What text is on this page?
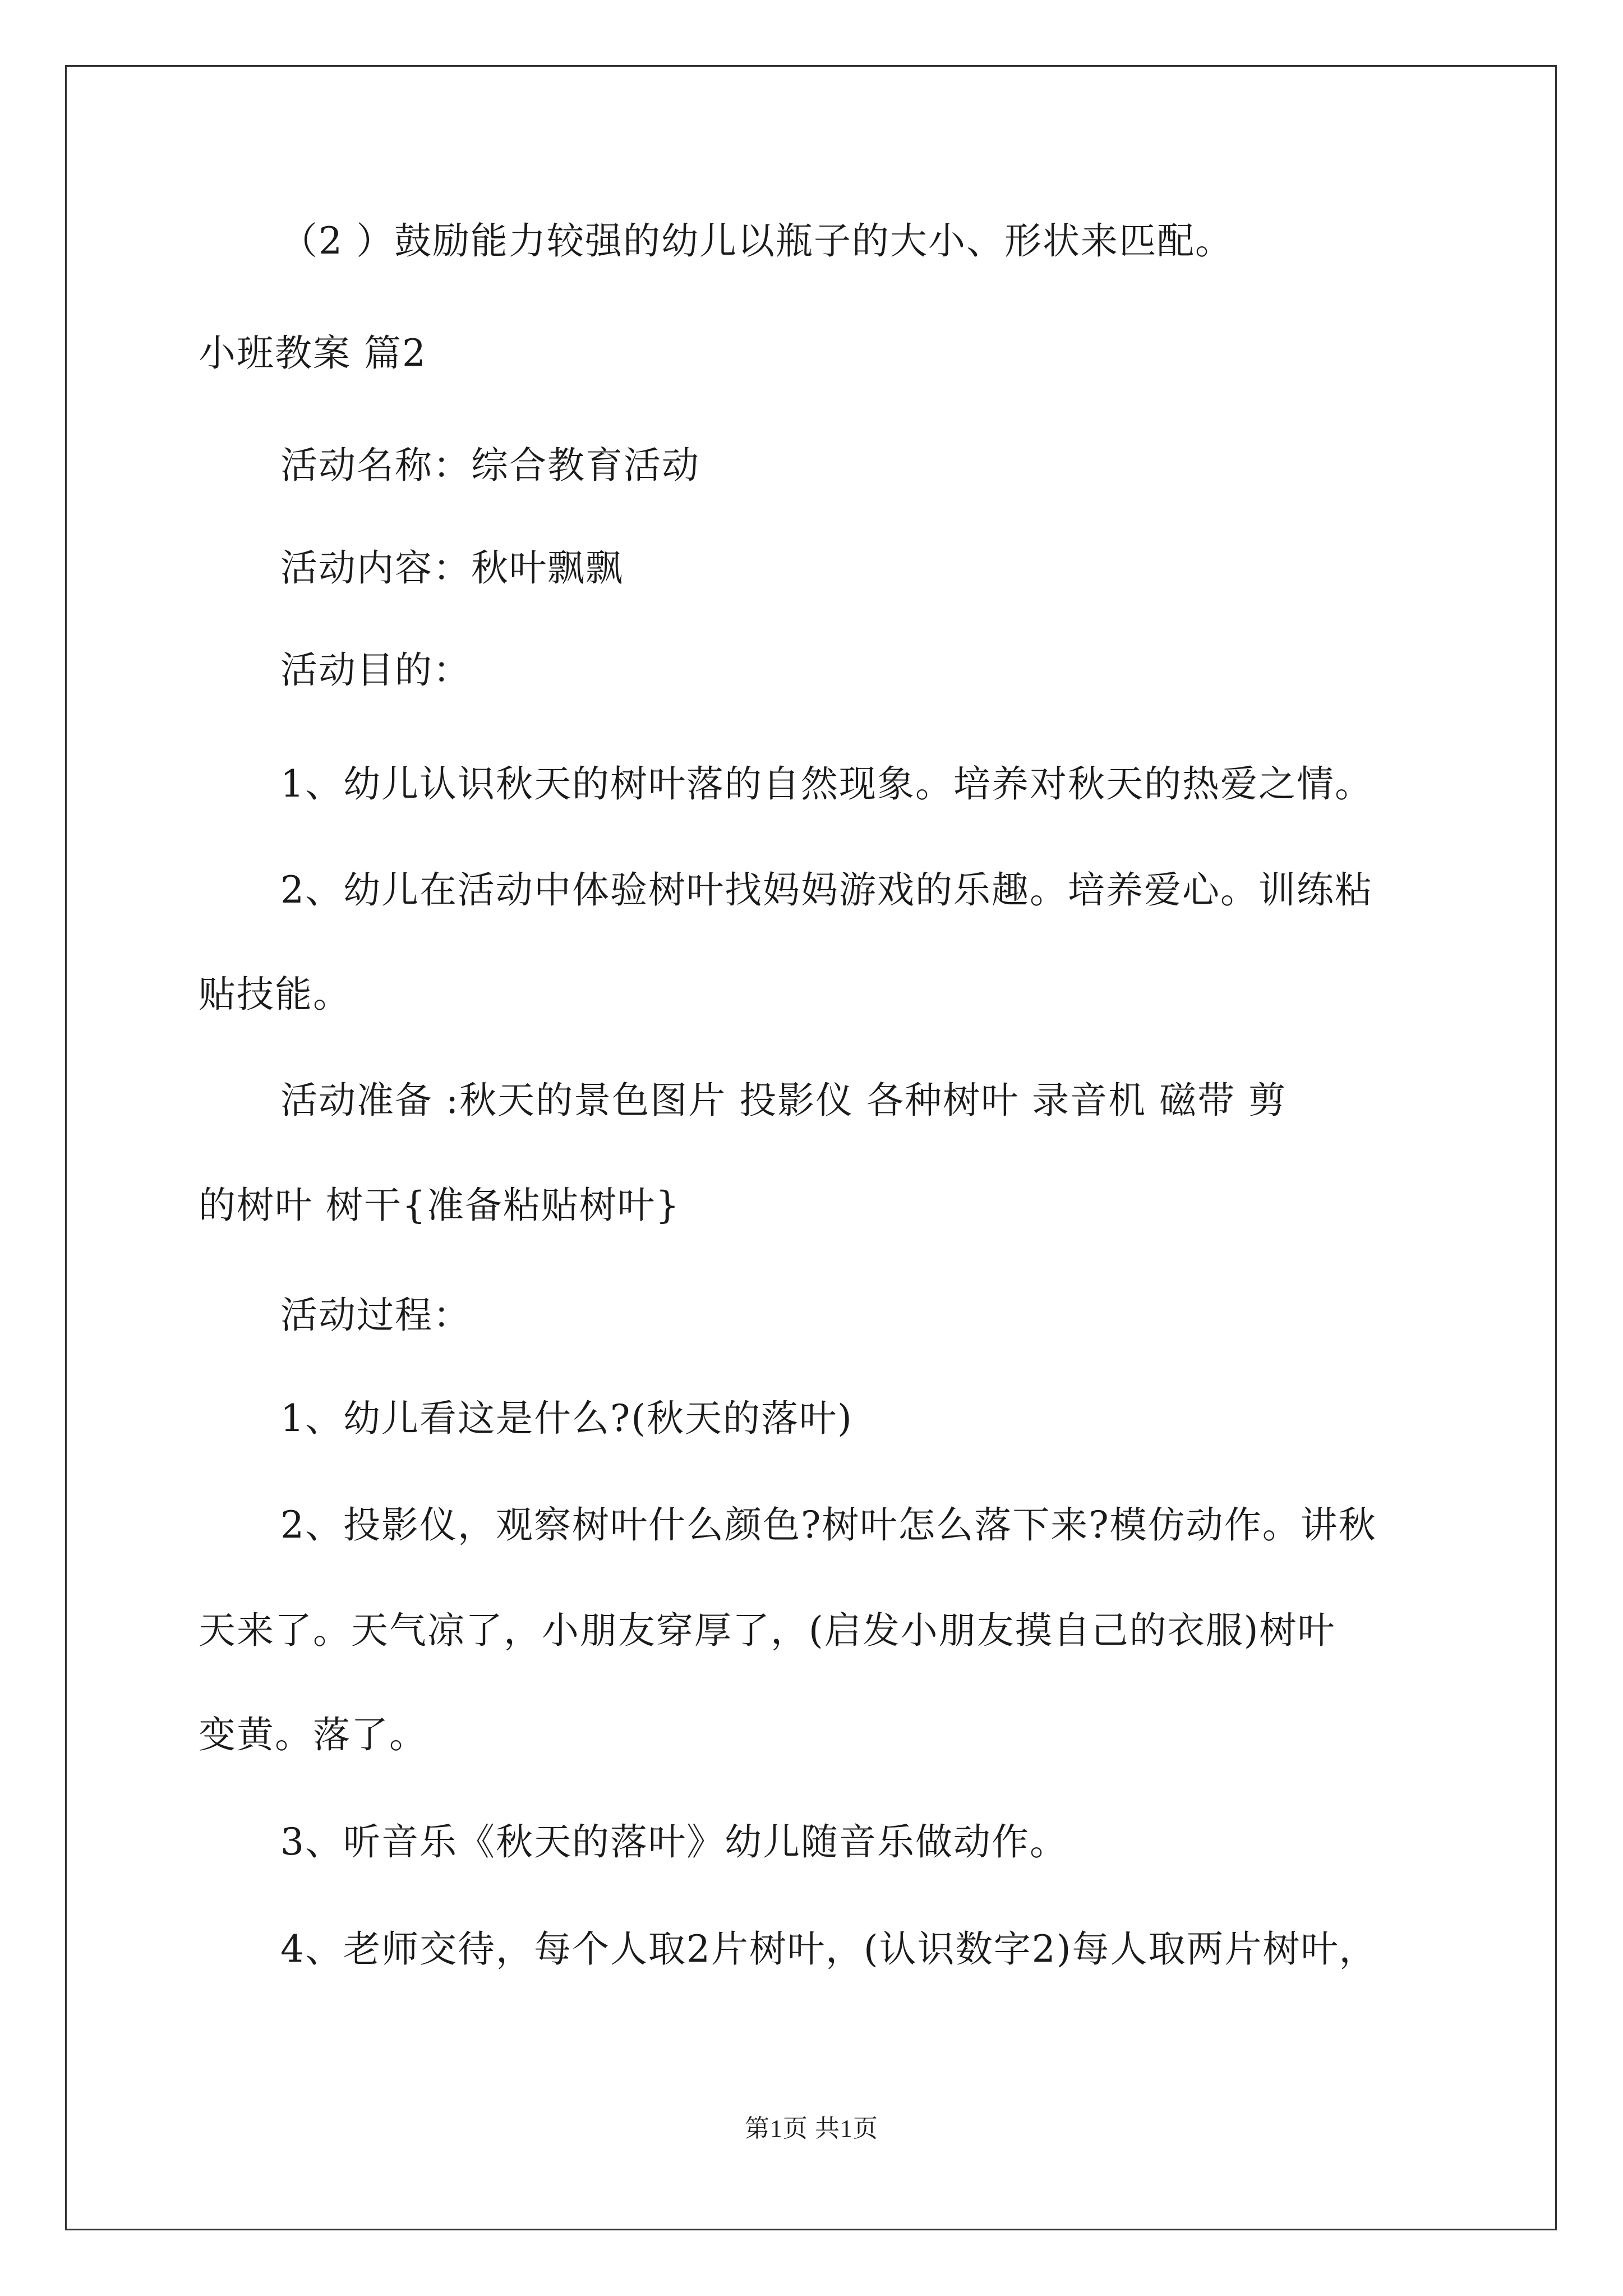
（2 ）鼓励能力较强的幼儿以瓶子的大小、形状来匹配。
小班教案 篇2
活动名称：综合教育活动
活动内容：秋叶飘飘
活动目的：
1、幼儿认识秋天的树叶落的自然现象。培养对秋天的热爱之情。
2、幼儿在活动中体验树叶找妈妈游戏的乐趣。培养爱心。训练粘
贴技能。
活动准备 :秋天的景色图片 投影仪 各种树叶 录音机 磁带 剪
的树叶 树干{准备粘贴树叶}
活动过程：
1、幼儿看这是什么?(秋天的落叶)
2、投影仪，观察树叶什么颜色?树叶怎么落下来?模仿动作。讲秋
天来了。天气凉了，小朋友穿厚了，(启发小朋友摸自己的衣服)树叶
变黄。落了。
3、听音乐《秋天的落叶》幼儿随音乐做动作。
4、老师交待，每个人取2片树叶，(认识数字2)每人取两片树叶，
第1页 共1页
